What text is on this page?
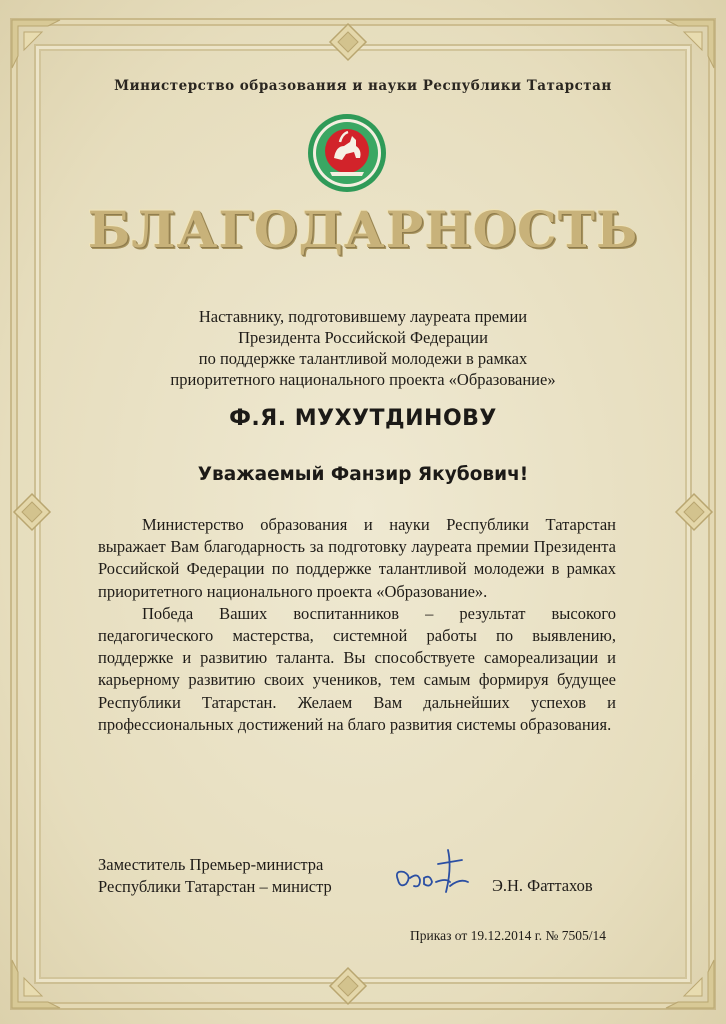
Министерство образования и науки Республики Татарстан
БЛАГОДАРНОСТЬ
Наставнику, подготовившему лауреата премии
Президента Российской Федерации
по поддержке талантливой молодежи в рамках
приоритетного национального проекта «Образование»
Ф.Я. МУХУТДИНОВУ
Уважаемый Фанзир Якубович!

Министерство образования и науки Республики Татарстан выражает Вам благодарность за подготовку лауреата премии Президента Российской Федерации по поддержке талантливой молодежи в рамках приоритетного национального проекта «Образование».

Победа Ваших воспитанников – результат высокого педагогического мастерства, системной работы по выявлению, поддержке и развитию таланта. Вы способствуете самореализации и карьерному развитию своих учеников, тем самым формируя будущее Республики Татарстан. Желаем Вам дальнейших успехов и профессиональных достижений на благо развития системы образования.

Заместитель Премьер-министра
Республики Татарстан – министр	Э.Н. Фаттахов
Приказ от 19.12.2014 г. № 7505/14
